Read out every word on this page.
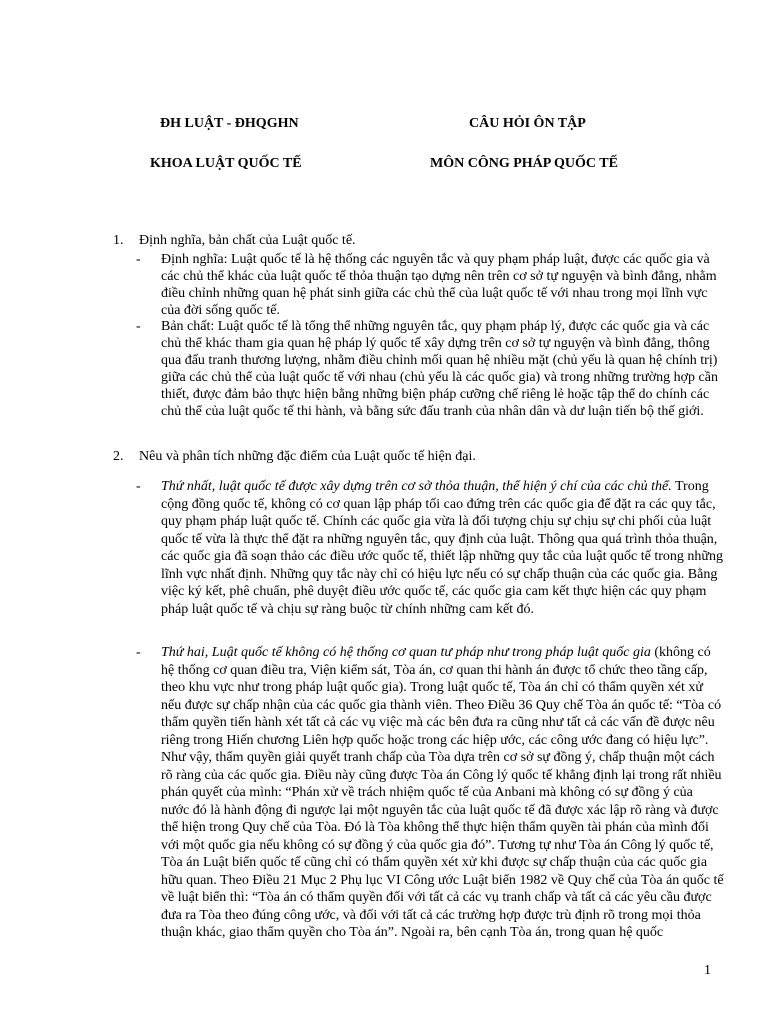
ĐH LUẬT - ĐHQGHN	CÂU HỎI ÔN TẬP
KHOA LUẬT QUỐC TẾ	MÔN CÔNG PHÁP QUỐC TẾ
1. Định nghĩa, bản chất của Luật quốc tế.
- Định nghĩa: Luật quốc tế là hệ thống các nguyên tắc và quy phạm pháp luật, được các quốc gia và các chủ thể khác của luật quốc tế thỏa thuận tạo dựng nên trên cơ sở tự nguyện và bình đẳng, nhằm điều chỉnh những quan hệ phát sinh giữa các chủ thể của luật quốc tế với nhau trong mọi lĩnh vực của đời sống quốc tế.
- Bản chất: Luật quốc tế là tổng thể những nguyên tắc, quy phạm pháp lý, được các quốc gia và các chủ thể khác tham gia quan hệ pháp lý quốc tế xây dựng trên cơ sở tự nguyện và bình đẳng, thông qua đấu tranh thương lượng, nhằm điều chỉnh mối quan hệ nhiều mặt (chủ yếu là quan hệ chính trị) giữa các chủ thể của luật quốc tế với nhau (chủ yếu là các quốc gia) và trong những trường hợp cần thiết, được đảm bảo thực hiện bằng những biện pháp cưỡng chế riêng lẻ hoặc tập thể do chính các chủ thể của luật quốc tế thi hành, và bằng sức đấu tranh của nhân dân và dư luận tiến bộ thế giới.
2. Nêu và phân tích những đặc điểm của Luật quốc tế hiện đại.
- Thứ nhất, luật quốc tế được xây dựng trên cơ sở thỏa thuận, thể hiện ý chí của các chủ thể. Trong cộng đồng quốc tế, không có cơ quan lập pháp tối cao đứng trên các quốc gia để đặt ra các quy tắc, quy phạm pháp luật quốc tế. Chính các quốc gia vừa là đối tượng chịu sự chịu sự chi phối của luật quốc tế vừa là thực thể đặt ra những nguyên tắc, quy định của luật. Thông qua quá trình thỏa thuận, các quốc gia đã soạn thảo các điều ước quốc tế, thiết lập những quy tắc của luật quốc tế trong những lĩnh vực nhất định. Những quy tắc này chỉ có hiệu lực nếu có sự chấp thuận của các quốc gia. Bằng việc ký kết, phê chuẩn, phê duyệt điều ước quốc tế, các quốc gia cam kết thực hiện các quy phạm pháp luật quốc tế và chịu sự ràng buộc từ chính những cam kết đó.
- Thứ hai, Luật quốc tế không có hệ thống cơ quan tư pháp như trong pháp luật quốc gia (không có hệ thống cơ quan điều tra, Viện kiểm sát, Tòa án, cơ quan thi hành án được tổ chức theo tầng cấp, theo khu vực như trong pháp luật quốc gia). Trong luật quốc tế, Tòa án chỉ có thẩm quyền xét xử nếu được sự chấp nhận của các quốc gia thành viên. Theo Điều 36 Quy chế Tòa án quốc tế: “Tòa có thẩm quyền tiến hành xét tất cả các vụ việc mà các bên đưa ra cũng như tất cả các vấn đề được nêu riêng trong Hiến chương Liên hợp quốc hoặc trong các hiệp ước, các công ước đang có hiệu lực”. Như vậy, thẩm quyền giải quyết tranh chấp của Tòa dựa trên cơ sở sự đồng ý, chấp thuận một cách rõ ràng của các quốc gia. Điều này cũng được Tòa án Công lý quốc tế khẳng định lại trong rất nhiều phán quyết của mình: “Phán xử về trách nhiệm quốc tế của Anbani mà không có sự đồng ý của nước đó là hành động đi ngược lại một nguyên tắc của luật quốc tế đã được xác lập rõ ràng và được thể hiện trong Quy chế của Tòa. Đó là Tòa không thể thực hiện thẩm quyền tài phán của mình đối với một quốc gia nếu không có sự đồng ý của quốc gia đó”. Tương tự như Tòa án Công lý quốc tế, Tòa án Luật biển quốc tế cũng chỉ có thẩm quyền xét xử khi được sự chấp thuận của các quốc gia hữu quan. Theo Điều 21 Mục 2 Phụ lục VI Công ước Luật biển 1982 về Quy chế của Tòa án quốc tế về luật biển thì: “Tòa án có thẩm quyền đối với tất cả các vụ tranh chấp và tất cả các yêu cầu được đưa ra Tòa theo đúng công ước, và đối với tất cả các trường hợp được trù định rõ trong mọi thỏa thuận khác, giao thẩm quyền cho Tòa án”. Ngoài ra, bên cạnh Tòa án, trong quan hệ quốc
1
